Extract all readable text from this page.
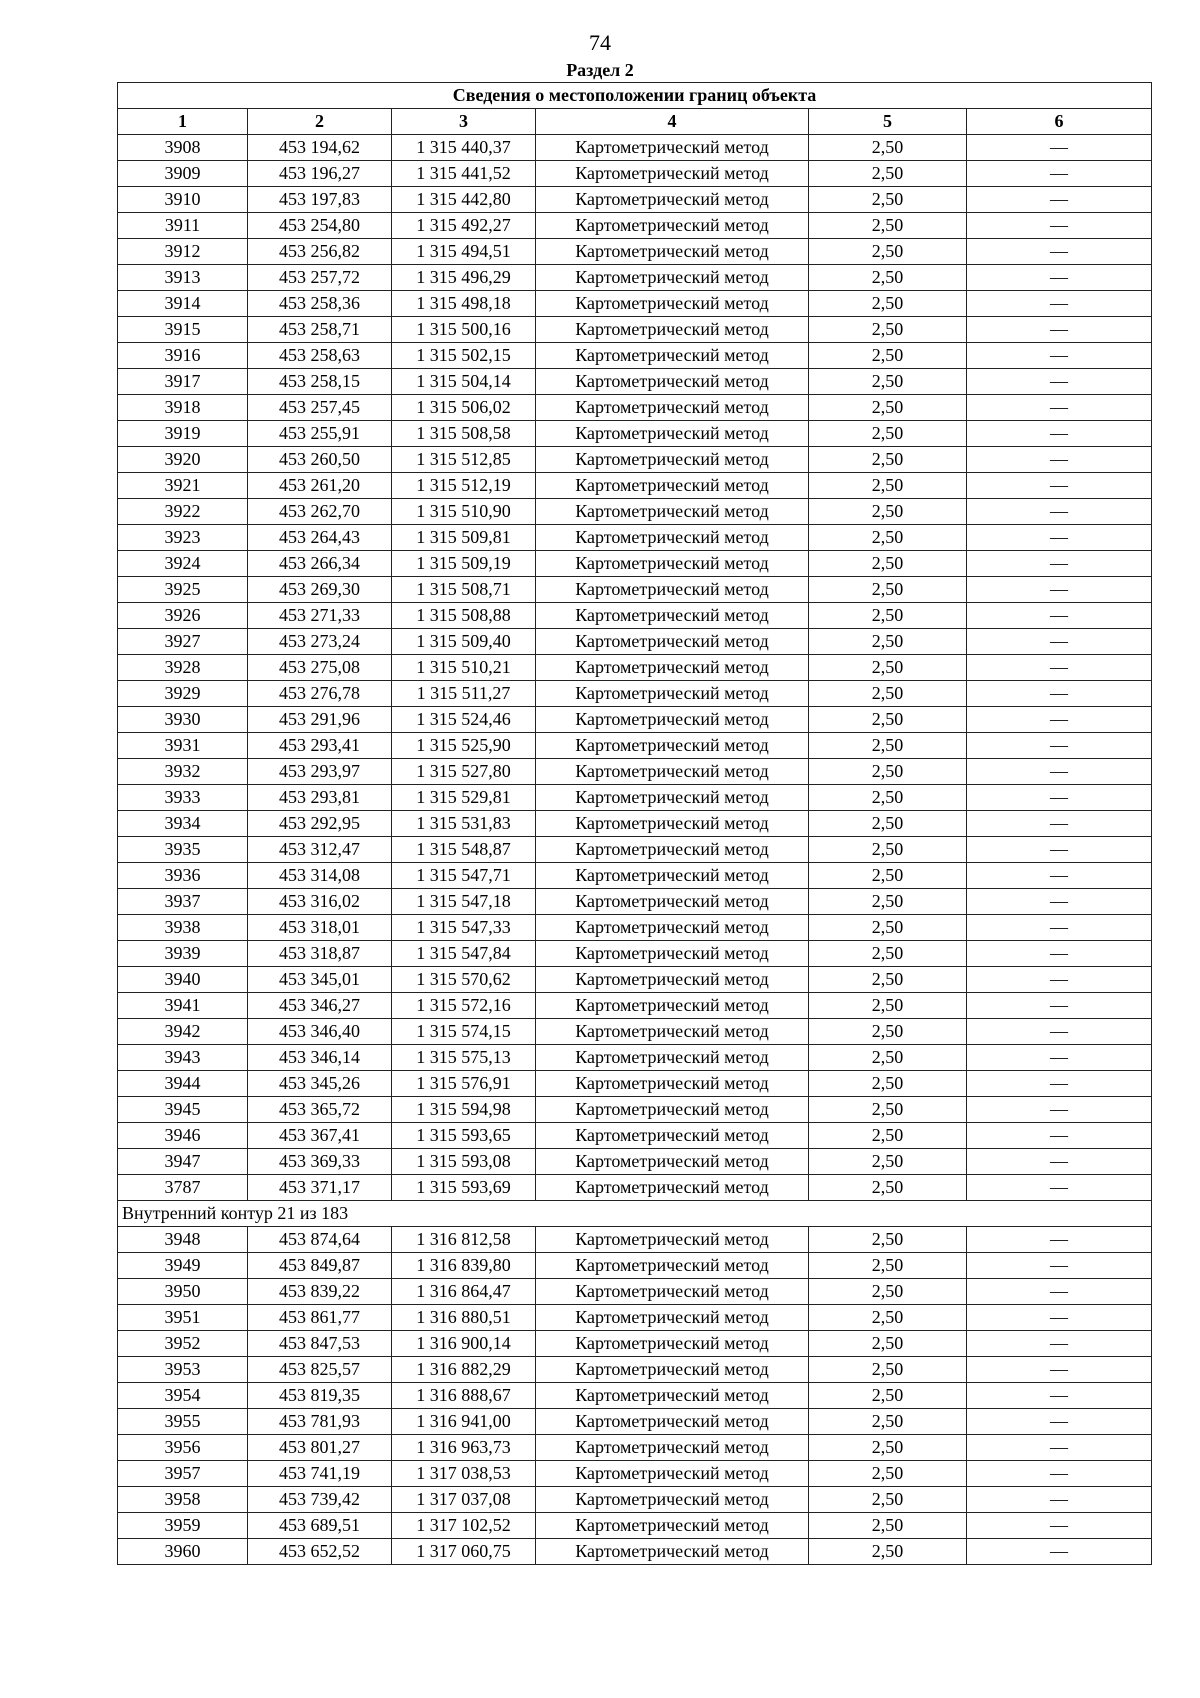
74
Раздел 2
Сведения о местоположении границ объекта					
1	2	3	4	5	6
3908	453 194,62	1 315 440,37	Картометрический метод	2,50	—
3909	453 196,27	1 315 441,52	Картометрический метод	2,50	—
3910	453 197,83	1 315 442,80	Картометрический метод	2,50	—
3911	453 254,80	1 315 492,27	Картометрический метод	2,50	—
3912	453 256,82	1 315 494,51	Картометрический метод	2,50	—
3913	453 257,72	1 315 496,29	Картометрический метод	2,50	—
3914	453 258,36	1 315 498,18	Картометрический метод	2,50	—
3915	453 258,71	1 315 500,16	Картометрический метод	2,50	—
3916	453 258,63	1 315 502,15	Картометрический метод	2,50	—
3917	453 258,15	1 315 504,14	Картометрический метод	2,50	—
3918	453 257,45	1 315 506,02	Картометрический метод	2,50	—
3919	453 255,91	1 315 508,58	Картометрический метод	2,50	—
3920	453 260,50	1 315 512,85	Картометрический метод	2,50	—
3921	453 261,20	1 315 512,19	Картометрический метод	2,50	—
3922	453 262,70	1 315 510,90	Картометрический метод	2,50	—
3923	453 264,43	1 315 509,81	Картометрический метод	2,50	—
3924	453 266,34	1 315 509,19	Картометрический метод	2,50	—
3925	453 269,30	1 315 508,71	Картометрический метод	2,50	—
3926	453 271,33	1 315 508,88	Картометрический метод	2,50	—
3927	453 273,24	1 315 509,40	Картометрический метод	2,50	—
3928	453 275,08	1 315 510,21	Картометрический метод	2,50	—
3929	453 276,78	1 315 511,27	Картометрический метод	2,50	—
3930	453 291,96	1 315 524,46	Картометрический метод	2,50	—
3931	453 293,41	1 315 525,90	Картометрический метод	2,50	—
3932	453 293,97	1 315 527,80	Картометрический метод	2,50	—
3933	453 293,81	1 315 529,81	Картометрический метод	2,50	—
3934	453 292,95	1 315 531,83	Картометрический метод	2,50	—
3935	453 312,47	1 315 548,87	Картометрический метод	2,50	—
3936	453 314,08	1 315 547,71	Картометрический метод	2,50	—
3937	453 316,02	1 315 547,18	Картометрический метод	2,50	—
3938	453 318,01	1 315 547,33	Картометрический метод	2,50	—
3939	453 318,87	1 315 547,84	Картометрический метод	2,50	—
3940	453 345,01	1 315 570,62	Картометрический метод	2,50	—
3941	453 346,27	1 315 572,16	Картометрический метод	2,50	—
3942	453 346,40	1 315 574,15	Картометрический метод	2,50	—
3943	453 346,14	1 315 575,13	Картометрический метод	2,50	—
3944	453 345,26	1 315 576,91	Картометрический метод	2,50	—
3945	453 365,72	1 315 594,98	Картометрический метод	2,50	—
3946	453 367,41	1 315 593,65	Картометрический метод	2,50	—
3947	453 369,33	1 315 593,08	Картометрический метод	2,50	—
3787	453 371,17	1 315 593,69	Картометрический метод	2,50	—
Внутренний контур 21 из 183					
3948	453 874,64	1 316 812,58	Картометрический метод	2,50	—
3949	453 849,87	1 316 839,80	Картометрический метод	2,50	—
3950	453 839,22	1 316 864,47	Картометрический метод	2,50	—
3951	453 861,77	1 316 880,51	Картометрический метод	2,50	—
3952	453 847,53	1 316 900,14	Картометрический метод	2,50	—
3953	453 825,57	1 316 882,29	Картометрический метод	2,50	—
3954	453 819,35	1 316 888,67	Картометрический метод	2,50	—
3955	453 781,93	1 316 941,00	Картометрический метод	2,50	—
3956	453 801,27	1 316 963,73	Картометрический метод	2,50	—
3957	453 741,19	1 317 038,53	Картометрический метод	2,50	—
3958	453 739,42	1 317 037,08	Картометрический метод	2,50	—
3959	453 689,51	1 317 102,52	Картометрический метод	2,50	—
3960	453 652,52	1 317 060,75	Картометрический метод	2,50	—
